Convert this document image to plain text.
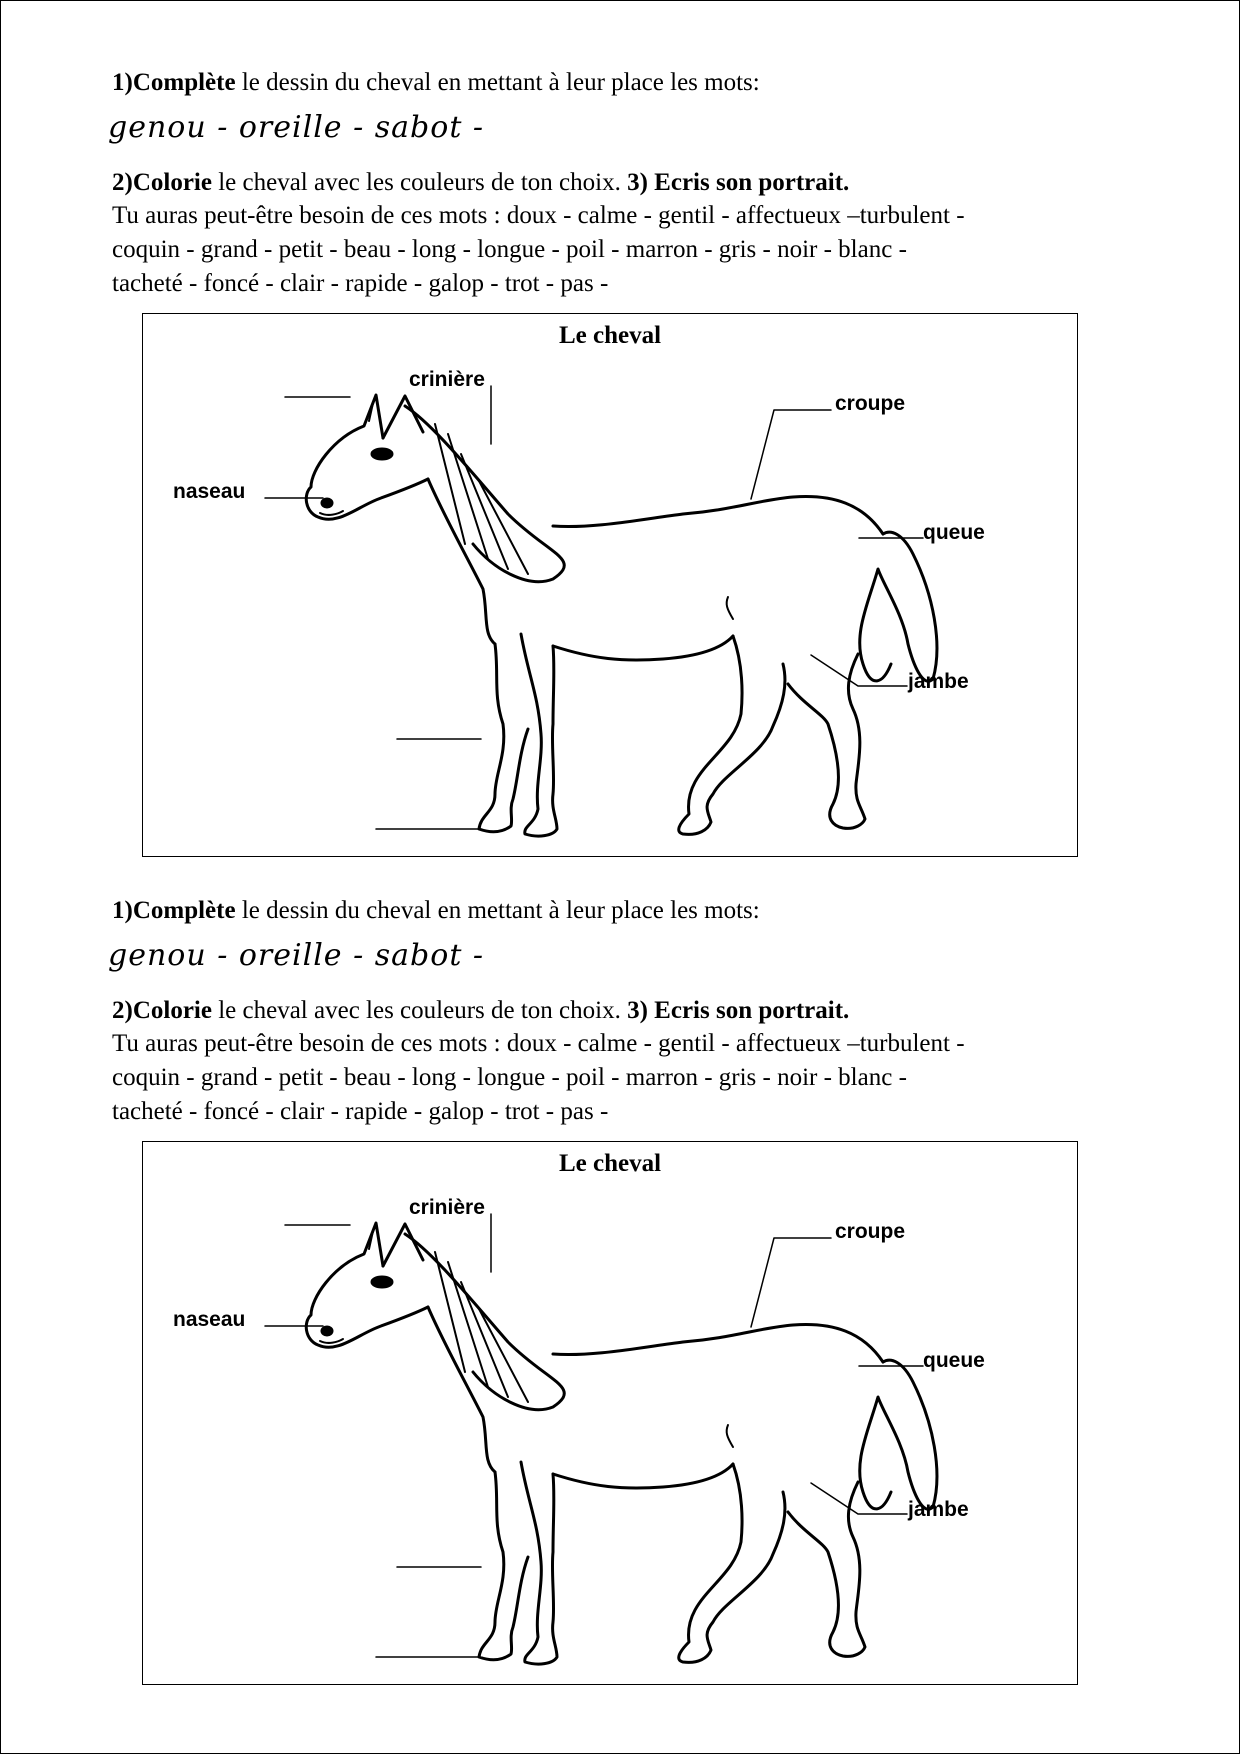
1)Complète le dessin du cheval en mettant à leur place les mots:
genou - oreille - sabot -
2)Colorie le cheval avec les couleurs de ton choix. 3) Ecris son portrait.
Tu auras peut-être besoin de ces mots : doux - calme - gentil - affectueux –turbulent -
coquin - grand - petit - beau - long - longue - poil - marron - gris - noir - blanc -
tacheté - foncé - clair - rapide - galop - trot - pas -
Le cheval
crinière
croupe
naseau
queue
jambe
1)Complète le dessin du cheval en mettant à leur place les mots:
genou - oreille - sabot -
2)Colorie le cheval avec les couleurs de ton choix. 3) Ecris son portrait.
Tu auras peut-être besoin de ces mots : doux - calme - gentil - affectueux –turbulent -
coquin - grand - petit - beau - long - longue - poil - marron - gris - noir - blanc -
tacheté - foncé - clair - rapide - galop - trot - pas -
Le cheval
crinière
croupe
naseau
queue
jambe
